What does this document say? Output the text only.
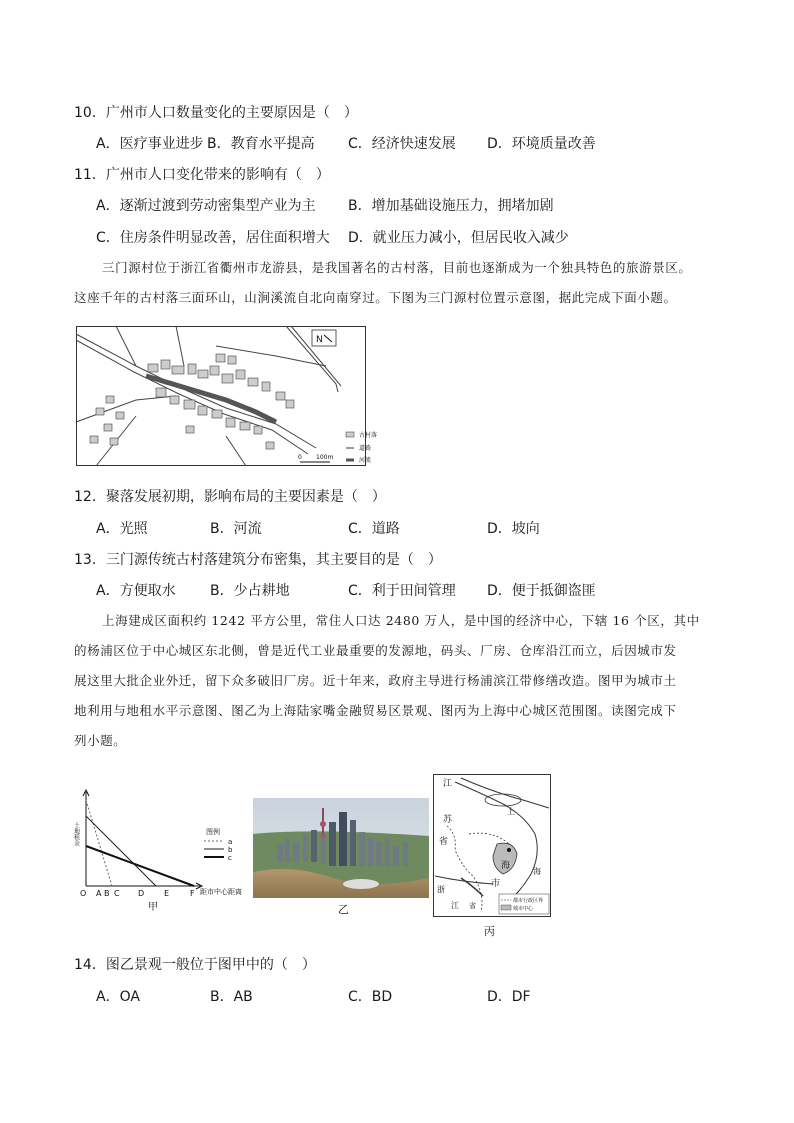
10．广州市人口数量变化的主要原因是（　）
A．医疗事业进步 B．教育水平提高 C．经济快速发展 D．环境质量改善
11．广州市人口变化带来的影响有（　）
A．逐渐过渡到劳动密集型产业为主 B．增加基础设施压力，拥堵加剧
C．住房条件明显改善，居住面积增大 D．就业压力减小，但居民收入减少
三门源村位于浙江省衢州市龙游县，是我国著名的古村落，目前也逐渐成为一个独具特色的旅游景区。
这座千年的古村落三面环山，山涧溪流自北向南穿过。下图为三门源村位置示意图，据此完成下面小题。
N
古村落
道路
河流
0 100m
12．聚落发展初期，影响布局的主要因素是（　）
A．光照	B．河流	C．道路	D．坡向
13．三门源传统古村落建筑分布密集，其主要目的是（　）
A．方便取水 B．少占耕地	C．利于田间管理 D．便于抵御盗匪
上海建成区面积约 1242 平方公里，常住人口达 2480 万人，是中国的经济中心，下辖 16 个区，其中
的杨浦区位于中心城区东北侧，曾是近代工业最重要的发源地，码头、厂房、仓库沿江而立，后因城市发
展这里大批企业外迁，留下众多破旧厂房。近十年来，政府主导进行杨浦滨江带修缮改造。图甲为城市土
地利用与地租水平示意图、图乙为上海陆家嘴金融贸易区景观、图丙为上海中心城区范围图。读图完成下
列小题。
土地租金
O A B C D E	F 距市中心距离
图例
a
b
c
甲	乙
江
苏
省
上
海
浙
江 省
市
海
都市行政区界
城市中心
丙
14．图乙景观一般位于图甲中的（　）
A．OA	B．AB	C．BD	D．DF
